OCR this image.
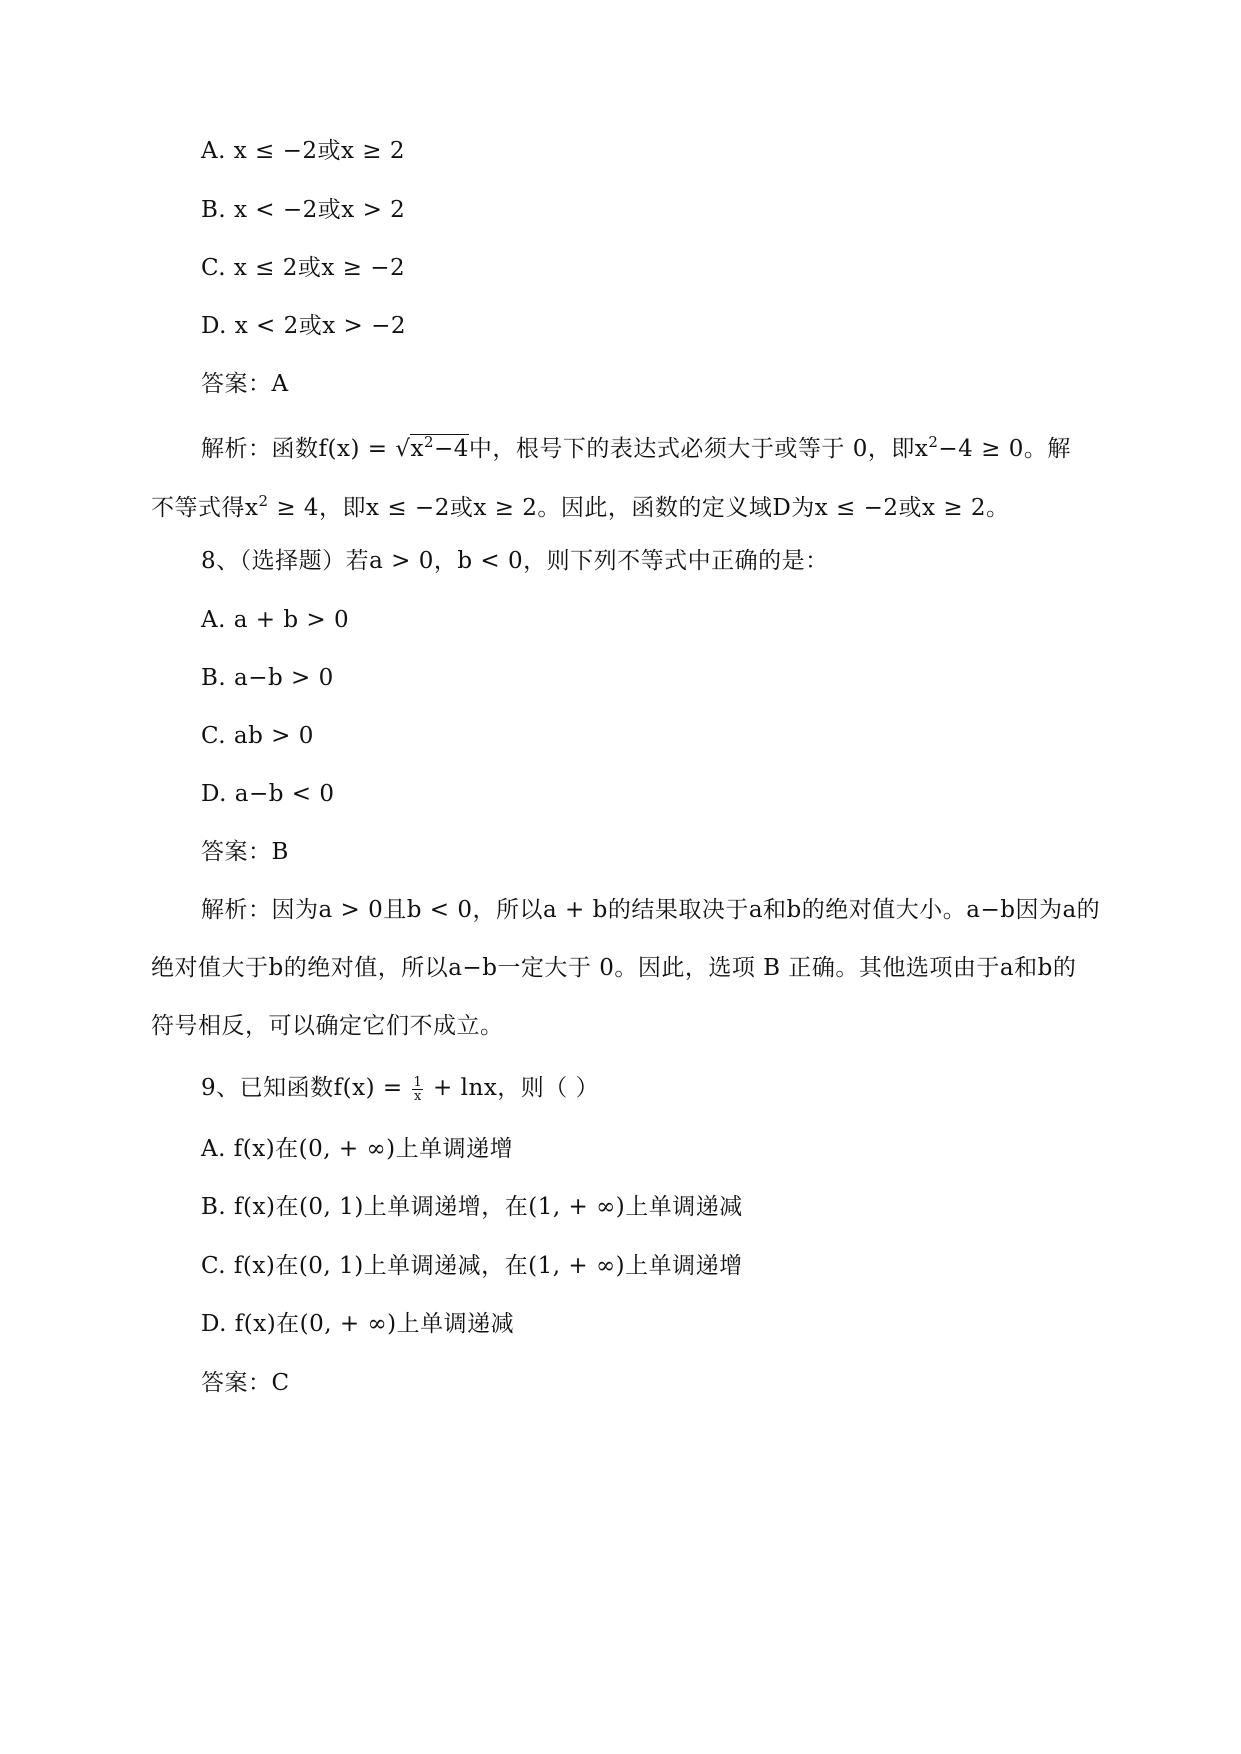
A. x ≤ −2或x ≥ 2
B. x < −2或x > 2
C. x ≤ 2或x ≥ −2
D. x < 2或x > −2
答案：A
解析：函数$f(x) = √x^2-4$中，根号下的表达式必须大于或等于 0，即$x^2-4 \ge 0$。解
不等式得$x^2 \ge 4$，即x ≤ −2或x ≥ 2。因此，函数的定义域D为x ≤ −2或x ≥ 2。
8、（选择题）若a > 0，b < 0，则下列不等式中正确的是：
A. a + b > 0
B. a−b > 0
C. ab > 0
D. a−b < 0
答案：B
解析：因为a > 0且b < 0，所以a + b的结果取决于a和b的绝对值大小。a−b因为a的
绝对值大于b的绝对值，所以a−b一定大于 0。因此，选项 B 正确。其他选项由于a和b的
符号相反，可以确定它们不成立。
9、已知函数$f(x) = \frac{1}{x} + \ln x$，则（ ）
A. f(x)在(0, + ∞)上单调递增
B. f(x)在(0, 1)上单调递增，在(1, + ∞)上单调递减
C. f(x)在(0, 1)上单调递减，在(1, + ∞)上单调递增
D. f(x)在(0, + ∞)上单调递减
答案：C
